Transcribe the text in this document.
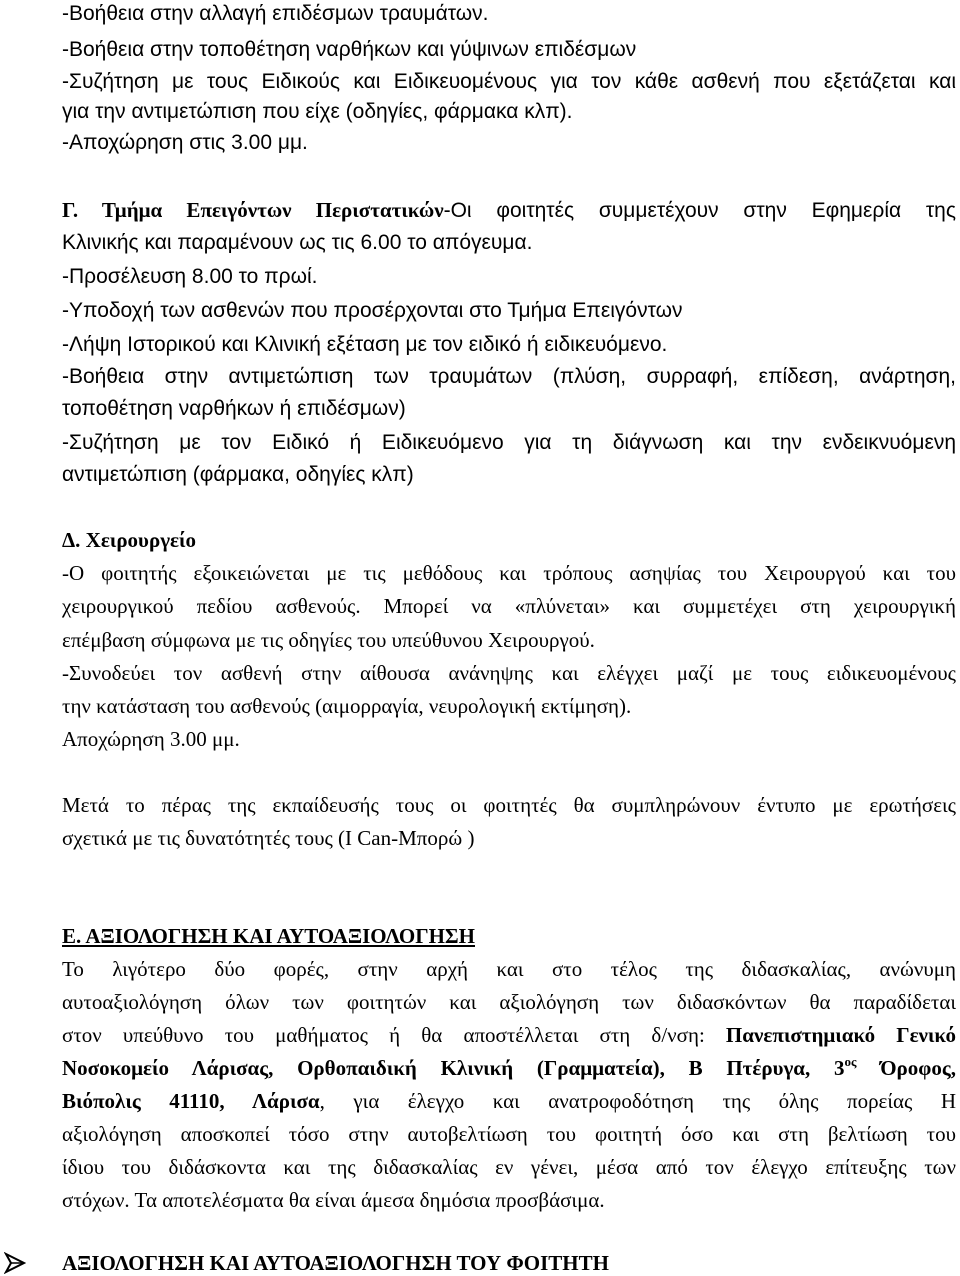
-Βοήθεια στην αλλαγή επιδέσμων τραυμάτων.
-Βοήθεια στην τοποθέτηση ναρθήκων και γύψινων επιδέσμων
-Συζήτηση με τους Ειδικούς και Ειδικευομένους για τον κάθε ασθενή που εξετάζεται και
για την αντιμετώπιση που είχε (οδηγίες, φάρμακα κλπ).
-Αποχώρηση στις 3.00 μμ.
Γ. Τμήμα Επειγόντων Περιστατικών-Οι φοιτητές συμμετέχουν στην Εφημερία της
Κλινικής και παραμένουν ως τις 6.00 το απόγευμα.
-Προσέλευση 8.00 το πρωί.
-Υποδοχή των ασθενών που προσέρχονται στο Τμήμα Επειγόντων
-Λήψη Ιστορικού και Κλινική εξέταση με τον ειδικό ή ειδικευόμενο.
-Βοήθεια στην αντιμετώπιση των τραυμάτων (πλύση, συρραφή, επίδεση, ανάρτηση,
τοποθέτηση ναρθήκων ή επιδέσμων)
-Συζήτηση με τον Ειδικό ή Ειδικευόμενο για τη διάγνωση και την ενδεικνυόμενη
αντιμετώπιση (φάρμακα, οδηγίες κλπ)
Δ. Χειρουργείο
-Ο φοιτητής εξοικειώνεται με τις μεθόδους και τρόπους ασηψίας του Χειρουργού και του
χειρουργικού πεδίου ασθενούς. Μπορεί να «πλύνεται» και συμμετέχει στη χειρουργική
επέμβαση σύμφωνα με τις οδηγίες του υπεύθυνου Χειρουργού.
-Συνοδεύει τον ασθενή στην αίθουσα ανάνηψης και ελέγχει μαζί με τους ειδικευομένους
την κατάσταση του ασθενούς (αιμορραγία, νευρολογική εκτίμηση).
Αποχώρηση 3.00 μμ.
Μετά το πέρας της εκπαίδευσής τους οι φοιτητές θα συμπληρώνουν έντυπο με ερωτήσεις
σχετικά με τις δυνατότητές τους (I Can-Μπορώ )
Ε. ΑΞΙΟΛΟΓΗΣΗ ΚΑΙ ΑΥΤΟΑΞΙΟΛΟΓΗΣΗ
Το λιγότερο δύο φορές, στην αρχή και στο τέλος της διδασκαλίας, ανώνυμη
αυτοαξιολόγηση όλων των φοιτητών και αξιολόγηση των διδασκόντων θα παραδίδεται
στον υπεύθυνο του μαθήματος ή θα αποστέλλεται στη δ/νση: Πανεπιστημιακό Γενικό
Νοσοκομείο Λάρισας, Ορθοπαιδική Κλινική (Γραμματεία), Β Πτέρυγα, $3^{o\varsigma}$ Όροφος,
Βιόπολις 41110, Λάρισα, για έλεγχο και ανατροφοδότηση της όλης πορείας Η
αξιολόγηση αποσκοπεί τόσο στην αυτοβελτίωση του φοιτητή όσο και στη βελτίωση του
ίδιου του διδάσκοντα και της διδασκαλίας εν γένει, μέσα από τον έλεγχο επίτευξης των
στόχων. Τα αποτελέσματα θα είναι άμεσα δημόσια προσβάσιμα.
ΑΞΙΟΛΟΓΗΣΗ ΚΑΙ ΑΥΤΟΑΞΙΟΛΟΓΗΣΗ ΤΟΥ ΦΟΙΤΗΤΗ
